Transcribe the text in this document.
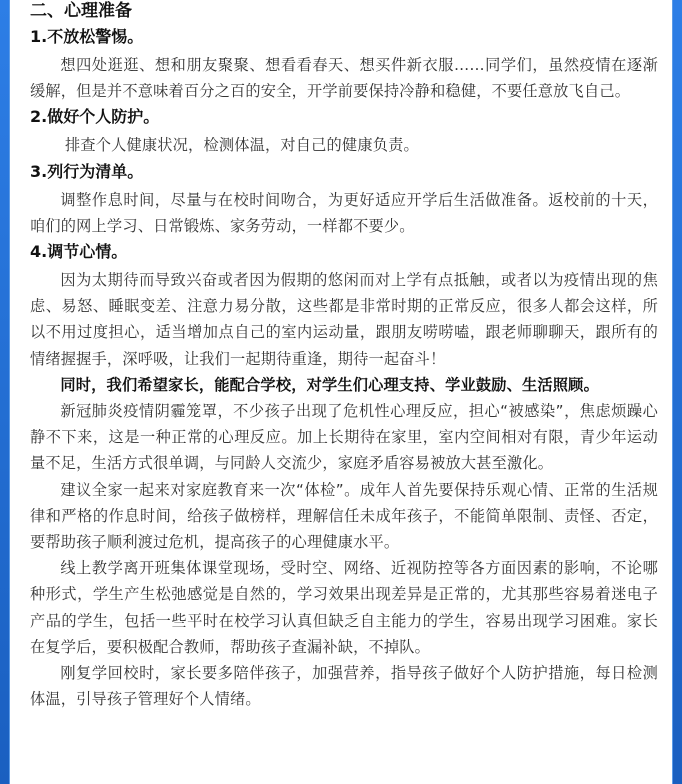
二、心理准备
1.不放松警惕。

想四处逛逛、想和朋友聚聚、想看看春天、想买件新衣服……同学们，虽然疫情在逐渐缓解，但是并不意味着百分之百的安全，开学前要保持冷静和稳健，不要任意放飞自己。

2.做好个人防护。

排查个人健康状况，检测体温，对自己的健康负责。

3.列行为清单。

调整作息时间，尽量与在校时间吻合，为更好适应开学后生活做准备。返校前的十天，咱们的网上学习、日常锻炼、家务劳动，一样都不要少。

4.调节心情。

因为太期待而导致兴奋或者因为假期的悠闲而对上学有点抵触，或者以为疫情出现的焦虑、易怒、睡眠变差、注意力易分散，这些都是非常时期的正常反应，很多人都会这样，所以不用过度担心，适当增加点自己的室内运动量，跟朋友唠唠嗑，跟老师聊聊天，跟所有的情绪握握手，深呼吸，让我们一起期待重逢，期待一起奋斗！

同时，我们希望家长，能配合学校，对学生们心理支持、学业鼓励、生活照顾。

新冠肺炎疫情阴霾笼罩，不少孩子出现了危机性心理反应，担心“被感染”，焦虑烦躁心静不下来，这是一种正常的心理反应。加上长期待在家里，室内空间相对有限，青少年运动量不足，生活方式很单调，与同龄人交流少，家庭矛盾容易被放大甚至激化。

建议全家一起来对家庭教育来一次“体检”。成年人首先要保持乐观心情、正常的生活规律和严格的作息时间，给孩子做榜样，理解信任未成年孩子，不能简单限制、责怪、否定，要帮助孩子顺利渡过危机，提高孩子的心理健康水平。

线上教学离开班集体课堂现场，受时空、网络、近视防控等各方面因素的影响，不论哪种形式，学生产生松弛感觉是自然的，学习效果出现差异是正常的，尤其那些容易着迷电子产品的学生，包括一些平时在校学习认真但缺乏自主能力的学生，容易出现学习困难。家长在复学后，要积极配合教师，帮助孩子查漏补缺，不掉队。

刚复学回校时，家长要多陪伴孩子，加强营养，指导孩子做好个人防护措施，每日检测体温，引导孩子管理好个人情绪。
